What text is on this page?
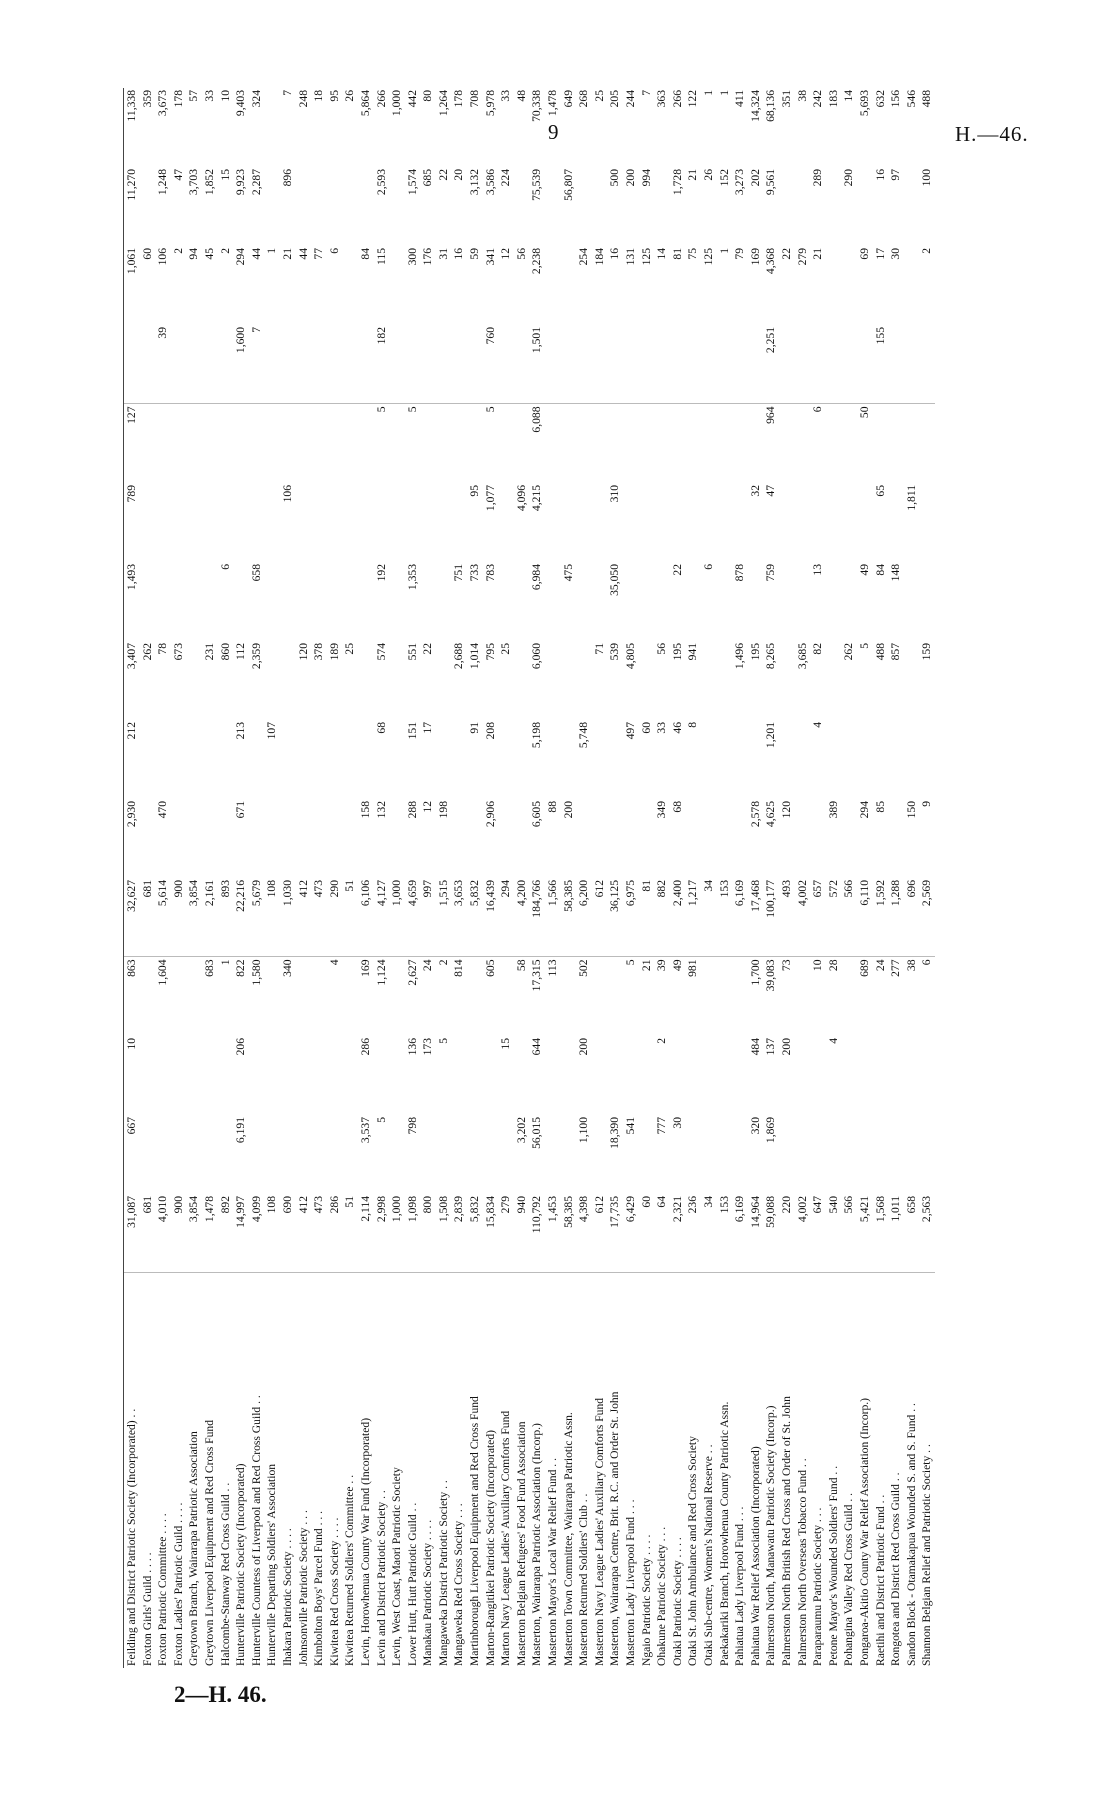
9	H.—46.
Feilding and District Patriotic Society (Incorporated) . .	31,087	667	10	863	32,627	2,930	212	3,407	1,493	789	127		1,061	11,270	11,338
Foxton Girls' Guild . . . .	681				681			262					60		359
Foxton Patriotic Committee . . . .	4,010			1,604	5,614	470		78				39	106	1,248	3,673
Foxton Ladies' Patriotic Guild . . . .	900				900			673					2	47	178
Greytown Branch, Wairarapa Patriotic Association	3,854				3,854								94	3,703	57
Greytown Liverpool Equipment and Red Cross Fund	1,478			683	2,161			231					45	1,852	33
Halcombe-Stanway Red Cross Guild . .	892			1	893			860	6				2	15	10
Hunterville Patriotic Society (Incorporated)	14,997	6,191	206	822	22,216	671	213	112				1,600	294	9,923	9,403
Hunterville Countess of Liverpool and Red Cross Guild . .	4,099			1,580	5,679			2,359	658			7	44	2,287	324
Hunterville Departing Soldiers' Association	108				108		107						1		
Ihakara Patriotic Society . . . .	690			340	1,030					106			21	896	7
Johnsonville Patriotic Society . . .	412				412			120					44		248
Kimbolton Boys' Parcel Fund . . .	473				473			378					77		18
Kiwitea Red Cross Society . . . .	286			4	290			189					6		95
Kiwitea Returned Soldiers' Committee . .	51				51			25							26
Levin, Horowhenua County War Fund (Incorporated)	2,114	3,537	286	169	6,106	158							84		5,864
Levin and District Patriotic Society . .	2,998	5		1,124	4,127	132	68	574	192		5	182	115	2,593	266
Levin, West Coast, Maori Patriotic Society	1,000				1,000										1,000
Lower Hutt, Hutt Patriotic Guild . .	1,098	798	136	2,627	4,659	288	151	551	1,353		5		300	1,574	442
Manakau Patriotic Society . . . .	800		173	24	997	12	17	22					176	685	80
Mangaweka District Patriotic Society . .	1,508		5	2	1,515	198							31	22	1,264
Mangaweka Red Cross Society . . .	2,839			814	3,653			2,688	751				16	20	178
Martinborough Liverpool Equipment and Red Cross Fund	5,832				5,832		91	1,014	733	95			59	3,132	708
Marton-Rangitikei Patriotic Society (Incorporated)	15,834			605	16,439	2,906	208	795	783	1,077	5	760	341	3,586	5,978
Marton Navy League Ladies' Auxiliary Comforts Fund	279		15		294			25					12	224	33
Masterton Belgian Refugees' Food Fund Association	940	3,202		58	4,200					4,096			56		48
Masterton, Wairarapa Patriotic Association (Incorp.)	110,792	56,015	644	17,315	184,766	6,605	5,198	6,060	6,984	4,215	6,088	1,501	2,238	75,539	70,338
Masterton Mayor's Local War Relief Fund . .	1,453			113	1,566	88									1,478
Masterton Town Committee, Wairarapa Patriotic Assn.	58,385				58,385	200			475					56,807	649
Masterton Returned Soldiers' Club . .	4,398	1,100	200	502	6,200		5,748						254		268
Masterton Navy League Ladies' Auxiliary Comforts Fund	612				612			71					184		25
Masterton, Wairarapa Centre, Brit. R.C. and Order St. John	17,735	18,390			36,125			539	35,050	310			16	500	205
Masterton Lady Liverpool Fund . . .	6,429	541		5	6,975		497	4,805					131	200	244
Ngaio Patriotic Society . . . .	60			21	81		60						125	994	7
Ohakune Patriotic Society . . .	64	777	2	39	882	349	33	56					14		363
Otaki Patriotic Society . . . .	2,321	30		49	2,400	68	46	195	22				81	1,728	266
Otaki St. John Ambulance and Red Cross Society	236			981	1,217		8	941					75	21	122
Otaki Sub-centre, Women's National Reserve . .	34				34				6				125	26	1
Paekakariki Branch, Horowhenua County Patriotic Assn.	153				153								1	152	1
Pahiatua Lady Liverpool Fund . . .	6,169				6,169			1,496	878				79	3,273	411
Pahiatua War Relief Association (Incorporated)	14,964	320	484	1,700	17,468	2,578		195		32			169	202	14,324
Palmerston North, Manawatu Patriotic Society (Incorp.)	59,088	1,869	137	39,083	100,177	4,625	1,201	8,265	759	47	964	2,251	4,368	9,561	68,136
Palmerston North British Red Cross and Order of St. John	220		200	73	493	120							22		351
Palmerston North Overseas Tobacco Fund . .	4,002				4,002			3,685					279		38
Paraparaumu Patriotic Society . . .	647			10	657		4	82	13		6		21	289	242
Petone Mayor's Wounded Soldiers' Fund . .	540		4	28	572	389									183
Pohangina Valley Red Cross Guild . .	566				566			262						290	14
Pongaroa-Akitio County War Relief Association (Incorp.)	5,421			689	6,110	294		5	49		50		69		5,693
Raetihi and District Patriotic Fund . .	1,568			24	1,592	85		488	84	65		155	17	16	632
Rongotea and District Red Cross Guild . .	1,011			277	1,288			857	148				30	97	156
Sandon Block - Otamakapua Wounded S. and S. Fund . .	658			38	696	150				1,811					546
Shannon Belgian Relief and Patriotic Society . .	2,563			6	2,569	9		159					2	100	488
2—H. 46.
